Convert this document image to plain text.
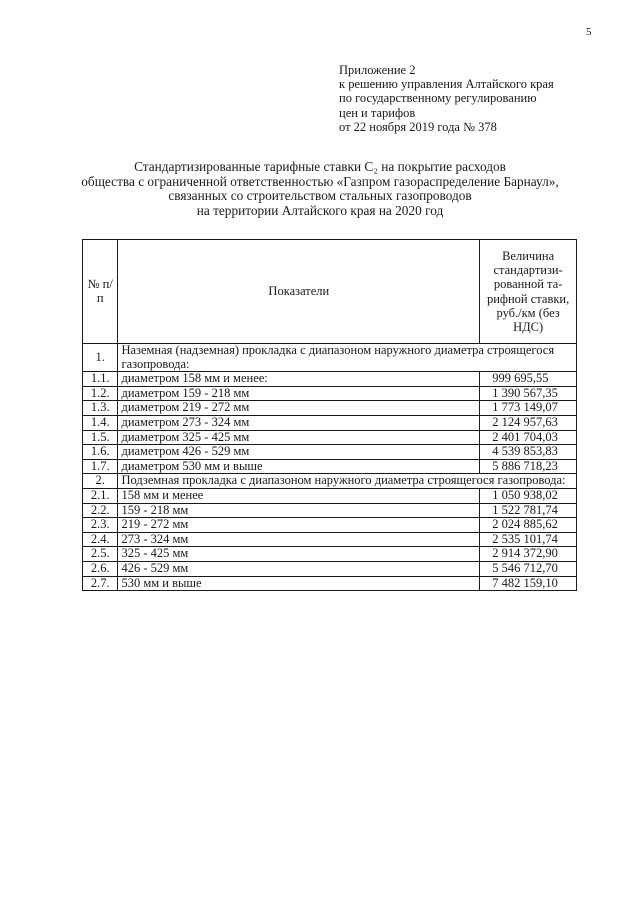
5
Приложение 2
к решению управления Алтайского края
по государственному регулированию
цен и тарифов
от 22 ноября 2019 года № 378
Стандартизированные тарифные ставки С₂ на покрытие расходов
общества с ограниченной ответственностью «Газпром газораспределение Барнаул»,
связанных со строительством стальных газопроводов
на территории Алтайского края на 2020 год
№ п/п	Показатели	Величина стандартизи-рованной та-рифной ставки, руб./км (без НДС)
1.	Наземная (надземная) прокладка с диапазоном наружного диаметра строящегося газопровода:	
1.1.	диаметром 158 мм и менее:	999 695,55
1.2.	диаметром 159 - 218 мм	1 390 567,35
1.3.	диаметром 219 - 272 мм	1 773 149,07
1.4.	диаметром 273 - 324 мм	2 124 957,63
1.5.	диаметром 325 - 425 мм	2 401 704,03
1.6.	диаметром 426 - 529 мм	4 539 853,83
1.7.	диаметром 530 мм и выше	5 886 718,23
2.	Подземная прокладка с диапазоном наружного диаметра строящегося газопровода:	
2.1.	158 мм и менее	1 050 938,02
2.2.	159 - 218 мм	1 522 781,74
2.3.	219 - 272 мм	2 024 885,62
2.4.	273 - 324 мм	2 535 101,74
2.5.	325 - 425 мм	2 914 372,90
2.6.	426 - 529 мм	5 546 712,70
2.7.	530 мм и выше	7 482 159,10
